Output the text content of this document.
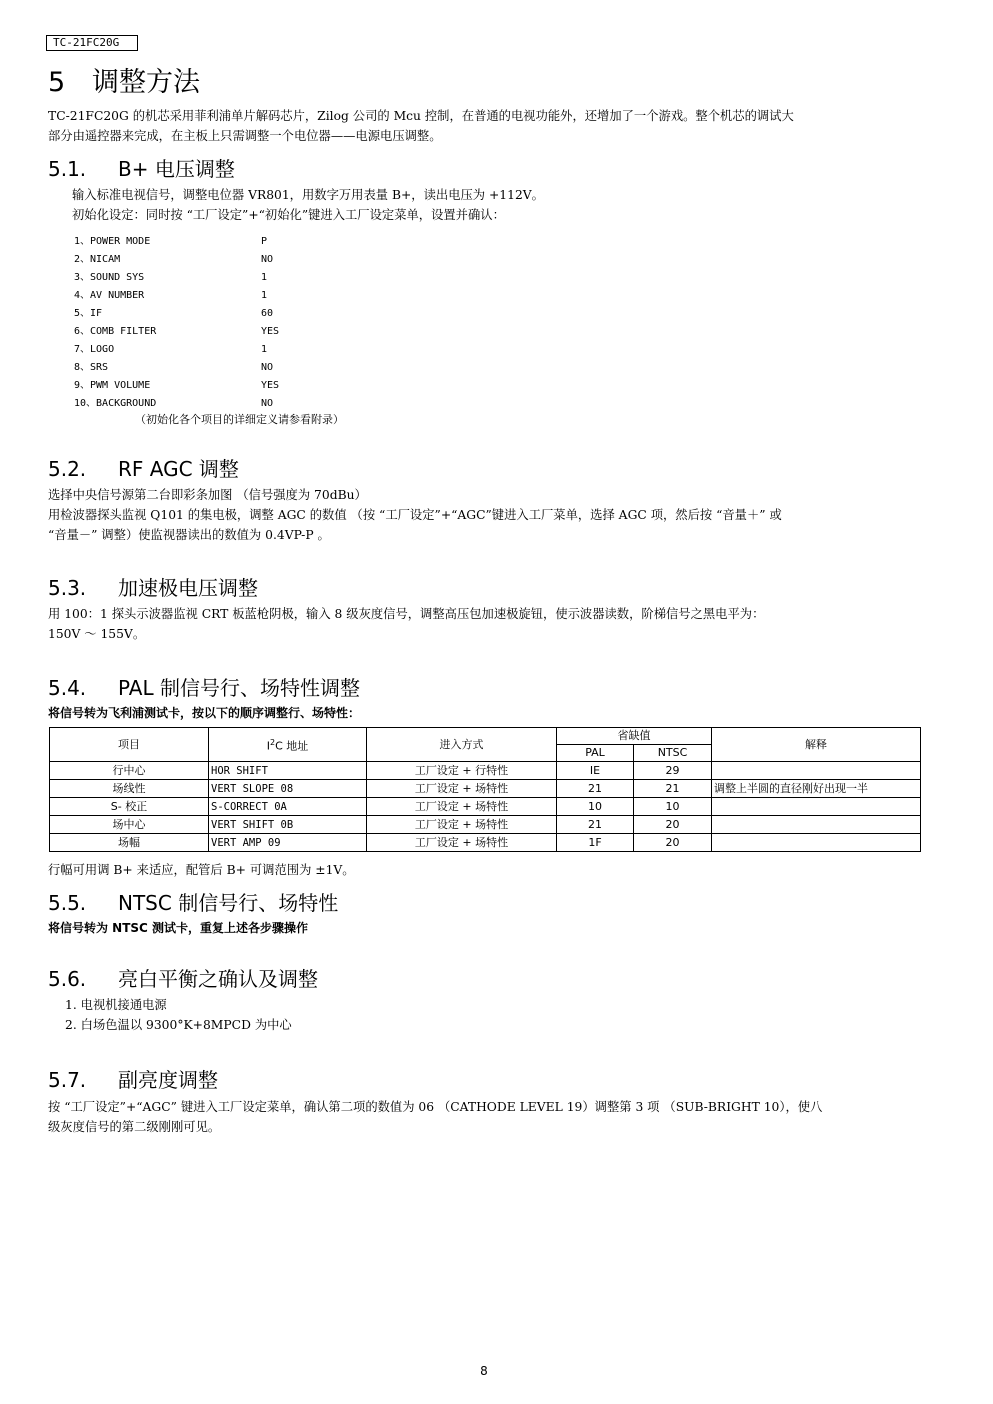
TC-21FC20G
5 调整方法
TC-21FC20G 的机芯采用菲利浦单片解码芯片，Zilog 公司的 Mcu 控制，在普通的电视功能外，还增加了一个游戏。整个机芯的调试大
部分由遥控器来完成，在主板上只需调整一个电位器——电源电压调整。
5.1. B+ 电压调整
输入标准电视信号，调整电位器 VR801，用数字万用表量 B+，读出电压为 +112V。
初始化设定：同时按 “工厂设定”+“初始化”键进入工厂设定菜单，设置并确认：
1、POWER MODE	P
2、NICAM	NO
3、SOUND SYS	1
4、AV NUMBER	1
5、IF	60
6、COMB FILTER	YES
7、LOGO	1
8、SRS	NO
9、PWM VOLUME	YES
10、BACKGROUND	NO
（初始化各个项目的详细定义请参看附录）
5.2. RF AGC 调整
选择中央信号源第二台即彩条加图 （信号强度为 70dBu）
用检波器探头监视 Q101 的集电极，调整 AGC 的数值 （按 “工厂设定”+“AGC”键进入工厂菜单，选择 AGC 项，然后按 “音量＋” 或
“音量－” 调整）使监视器读出的数值为 0.4VP-P 。
5.3. 加速极电压调整
用 100：1 探头示波器监视 CRT 板蓝枪阴极，输入 8 级灰度信号，调整高压包加速极旋钮，使示波器读数，阶梯信号之黑电平为：
150V ～ 155V。
5.4. PAL 制信号行、场特性调整
将信号转为飞利浦测试卡，按以下的顺序调整行、场特性：
项目	$I^2C$ 地址	进入方式	省缺值		解释
			PAL	NTSC	
行中心	HOR SHIFT	工厂设定 + 行特性	IE	29	
场线性	VERT SLOPE 08	工厂设定 + 场特性	21	21	调整上半圆的直径刚好出现一半
S- 校正	S-CORRECT 0A	工厂设定 + 场特性	10	10	
场中心	VERT SHIFT 0B	工厂设定 + 场特性	21	20	
场幅	VERT AMP 09	工厂设定 + 场特性	1F	20	
行幅可用调 B+ 来适应，配管后 B+ 可调范围为 ±1V。
5.5. NTSC 制信号行、场特性
将信号转为 NTSC 测试卡，重复上述各步骤操作
5.6. 亮白平衡之确认及调整
1. 电视机接通电源
2. 白场色温以 9300°K+8MPCD 为中心
5.7. 副亮度调整
按 “工厂设定”+“AGC” 键进入工厂设定菜单，确认第二项的数值为 06 （CATHODE LEVEL 19）调整第 3 项 （SUB-BRIGHT 10），使八
级灰度信号的第二级刚刚可见。
8
